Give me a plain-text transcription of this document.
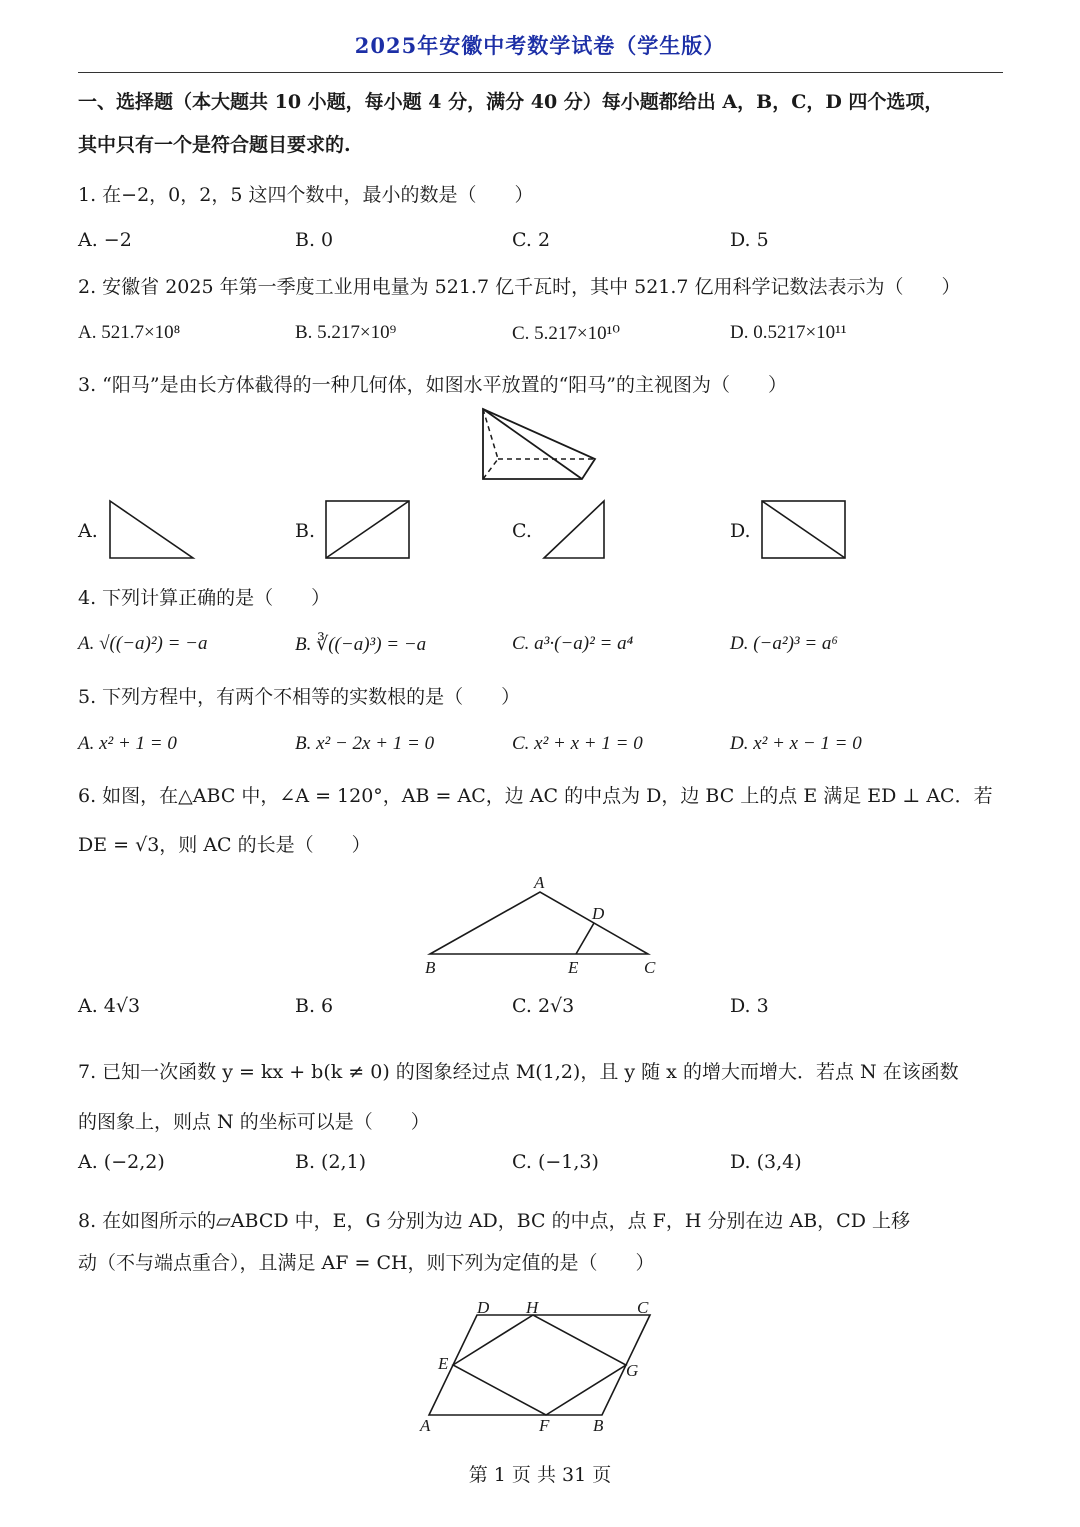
2025年安徽中考数学试卷（学生版）
一、选择题（本大题共 10 小题，每小题 4 分，满分 40 分）每小题都给出 A，B，C，D 四个选项，
其中只有一个是符合题目要求的.
1. 在−2，0，2，5 这四个数中，最小的数是（　　）
A. −2	B. 0	C. 2	D. 5
2. 安徽省 2025 年第一季度工业用电量为 521.7 亿千瓦时，其中 521.7 亿用科学记数法表示为（　　）
A. 521.7×10⁸	B. 5.217×10⁹	C. 5.217×10¹⁰	D. 0.5217×10¹¹
3. “阳马”是由长方体截得的一种几何体，如图水平放置的“阳马”的主视图为（　　）
A.	B.	C.	D.
4. 下列计算正确的是（　　）
A. √((−a)²) = −a	B. ∛((−a)³) = −a	C. a³·(−a)² = a⁴	D. (−a²)³ = a⁶
5. 下列方程中，有两个不相等的实数根的是（　　）
A. x² + 1 = 0	B. x² − 2x + 1 = 0	C. x² + x + 1 = 0	D. x² + x − 1 = 0
6. 如图，在△ABC 中，∠A = 120°，AB = AC，边 AC 的中点为 D，边 BC 上的点 E 满足 ED ⊥ AC．若
DE = √3，则 AC 的长是（　　）
A
D
B	E	C
A. 4√3	B. 6	C. 2√3	D. 3
7. 已知一次函数 y = kx + b(k ≠ 0) 的图象经过点 M(1,2)，且 y 随 x 的增大而增大．若点 N 在该函数
的图象上，则点 N 的坐标可以是（　　）
A. (−2,2)	B. (2,1)	C. (−1,3)	D. (3,4)
8. 在如图所示的▱ABCD 中，E，G 分别为边 AD，BC 的中点，点 F，H 分别在边 AB，CD 上移
动（不与端点重合），且满足 AF = CH，则下列为定值的是（　　）
D H	C
E	G
A	F	B
第 1 页 共 31 页
